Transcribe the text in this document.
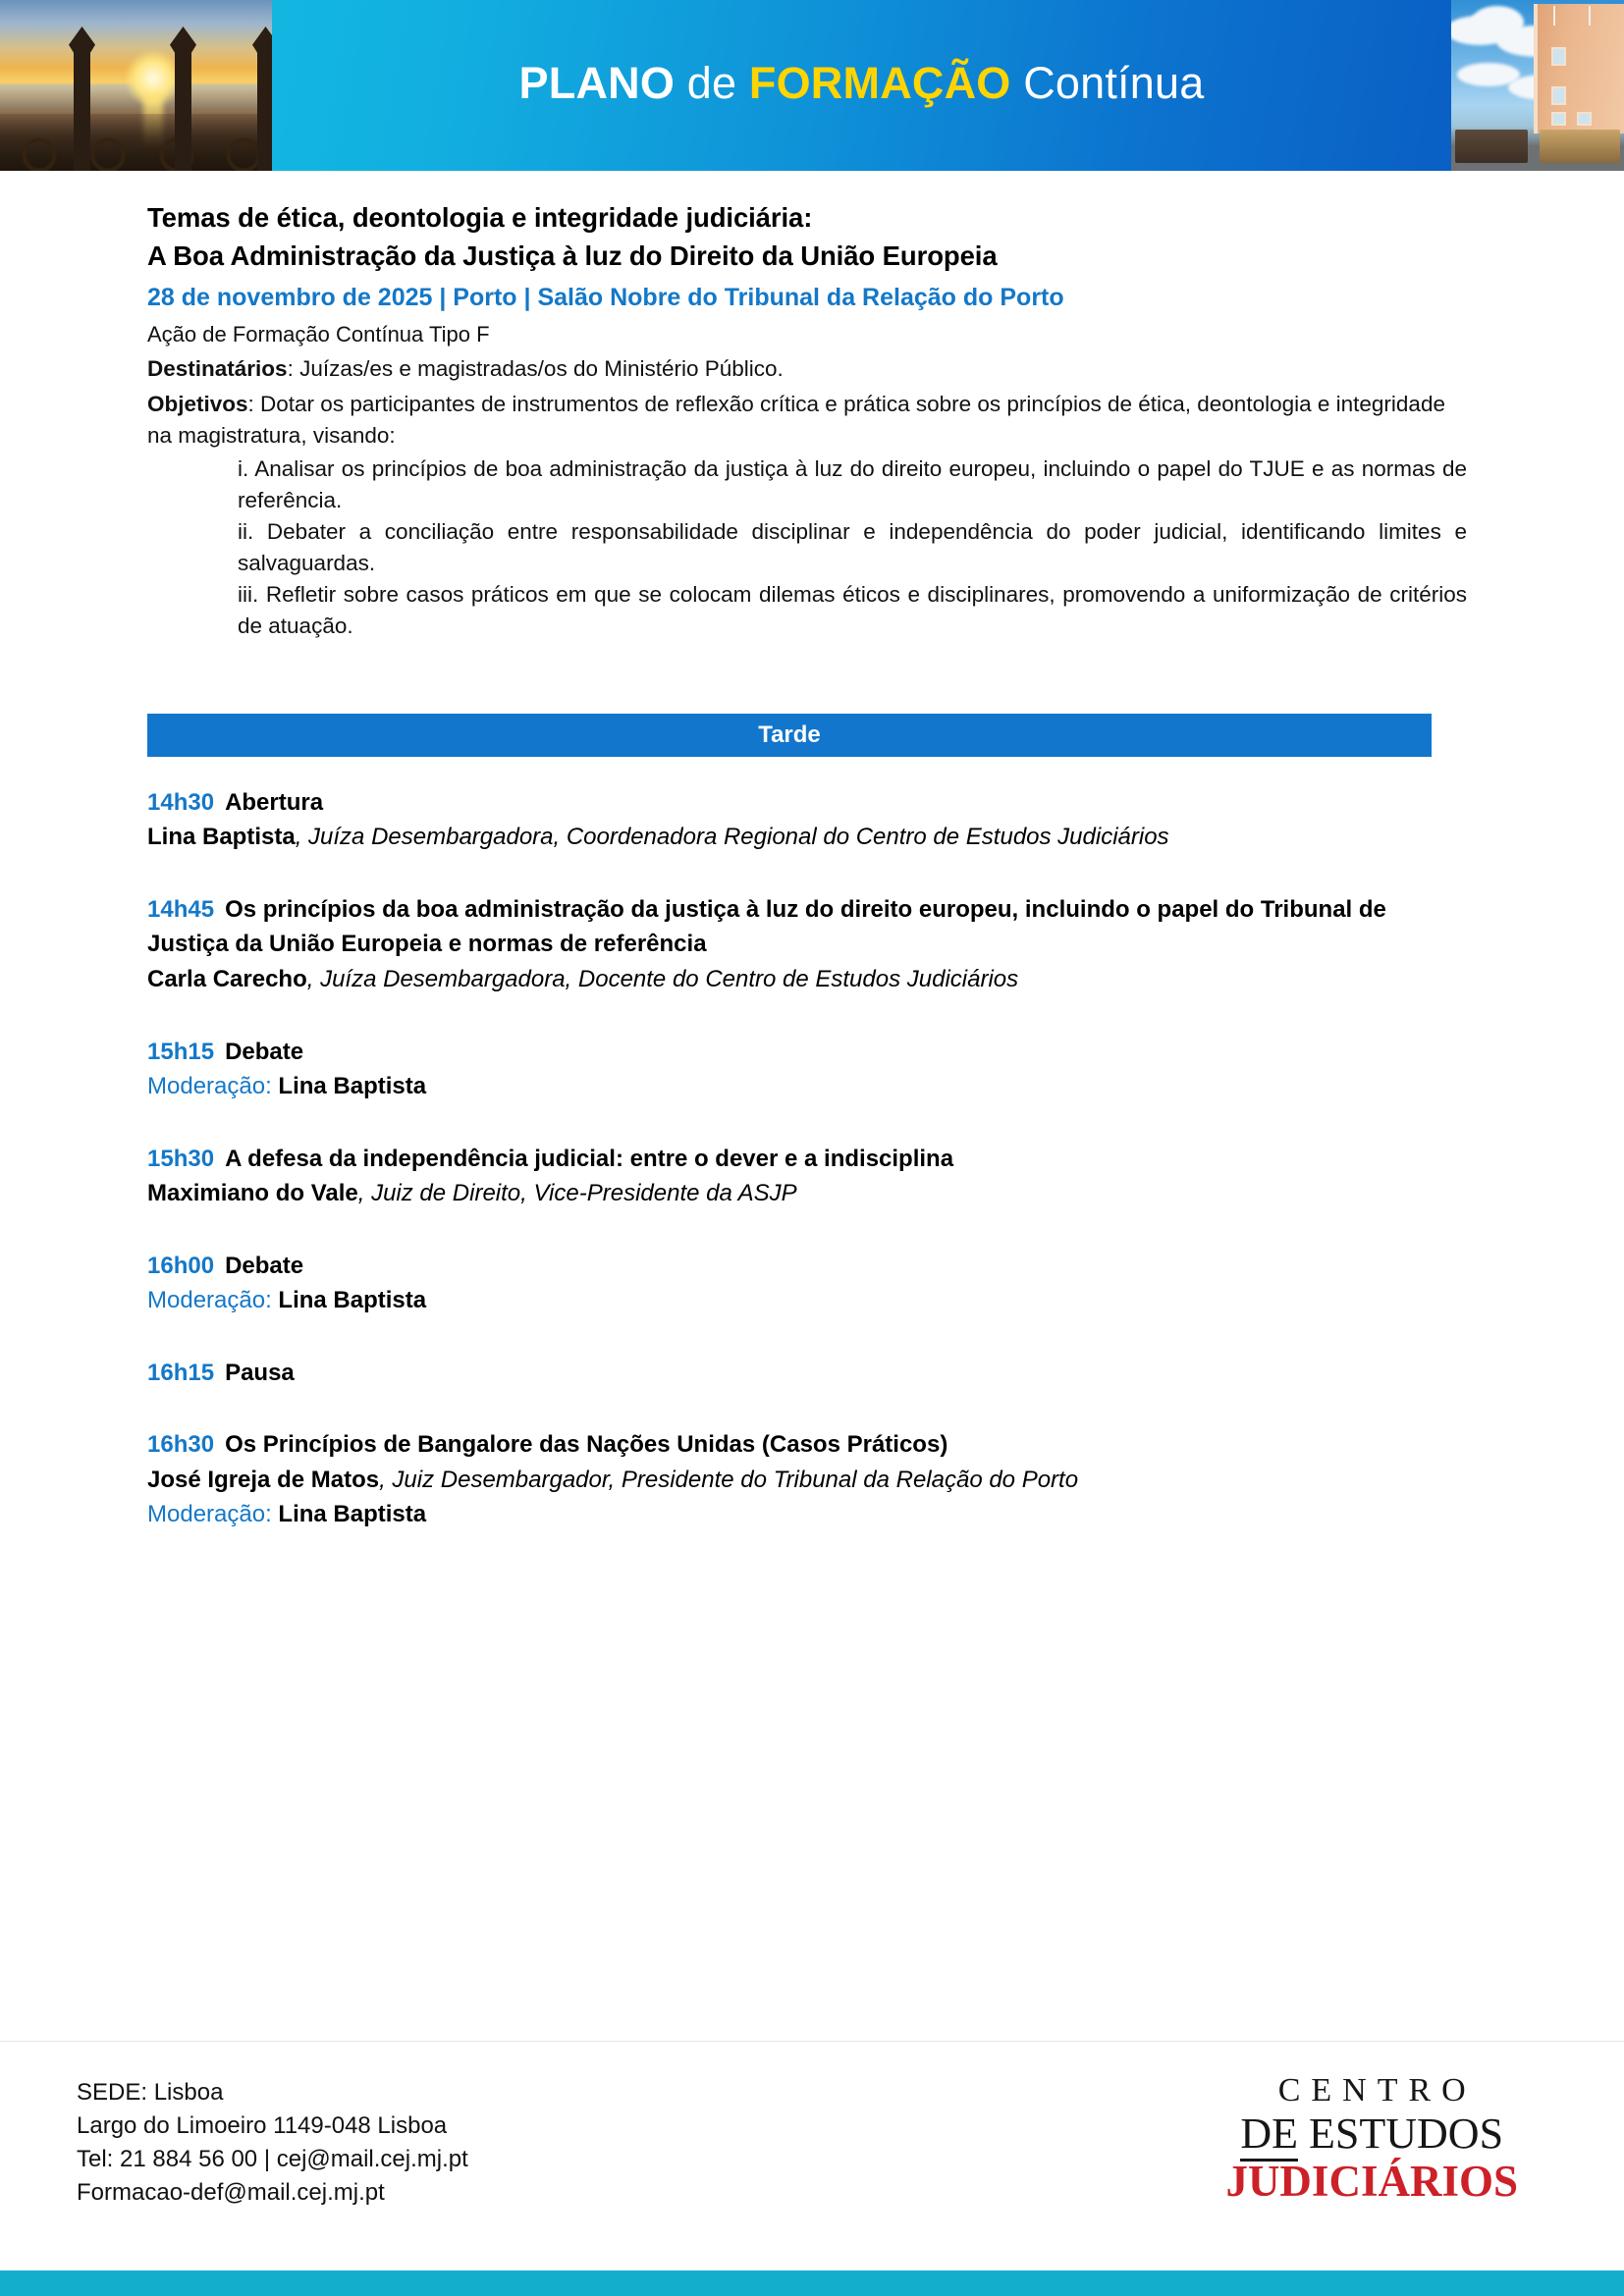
PLANO de FORMAÇÃO Contínua
Temas de ética, deontologia e integridade judiciária:
A Boa Administração da Justiça à luz do Direito da União Europeia
28 de novembro de 2025 | Porto | Salão Nobre do Tribunal da Relação do Porto
Ação de Formação Contínua Tipo F
Destinatários: Juízas/es e magistradas/os do Ministério Público.
Objetivos: Dotar os participantes de instrumentos de reflexão crítica e prática sobre os princípios de ética, deontologia e integridade na magistratura, visando:
i. Analisar os princípios de boa administração da justiça à luz do direito europeu, incluindo o papel do TJUE e as normas de referência.
ii. Debater a conciliação entre responsabilidade disciplinar e independência do poder judicial, identificando limites e salvaguardas.
iii. Refletir sobre casos práticos em que se colocam dilemas éticos e disciplinares, promovendo a uniformização de critérios de atuação.
Tarde
14h30 Abertura
Lina Baptista, Juíza Desembargadora, Coordenadora Regional do Centro de Estudos Judiciários
14h45 Os princípios da boa administração da justiça à luz do direito europeu, incluindo o papel do Tribunal de Justiça da União Europeia e normas de referência
Carla Carecho, Juíza Desembargadora, Docente do Centro de Estudos Judiciários
15h15 Debate
Moderação: Lina Baptista
15h30 A defesa da independência judicial: entre o dever e a indisciplina
Maximiano do Vale, Juiz de Direito, Vice-Presidente da ASJP
16h00 Debate
Moderação: Lina Baptista
16h15 Pausa
16h30 Os Princípios de Bangalore das Nações Unidas (Casos Práticos)
José Igreja de Matos, Juiz Desembargador, Presidente do Tribunal da Relação do Porto
Moderação: Lina Baptista
SEDE: Lisboa
Largo do Limoeiro 1149-048 Lisboa
Tel: 21 884 56 00 | cej@mail.cej.mj.pt
Formacao-def@mail.cej.mj.pt
CENTRO
DE ESTUDOS
JUDICIÁRIOS
